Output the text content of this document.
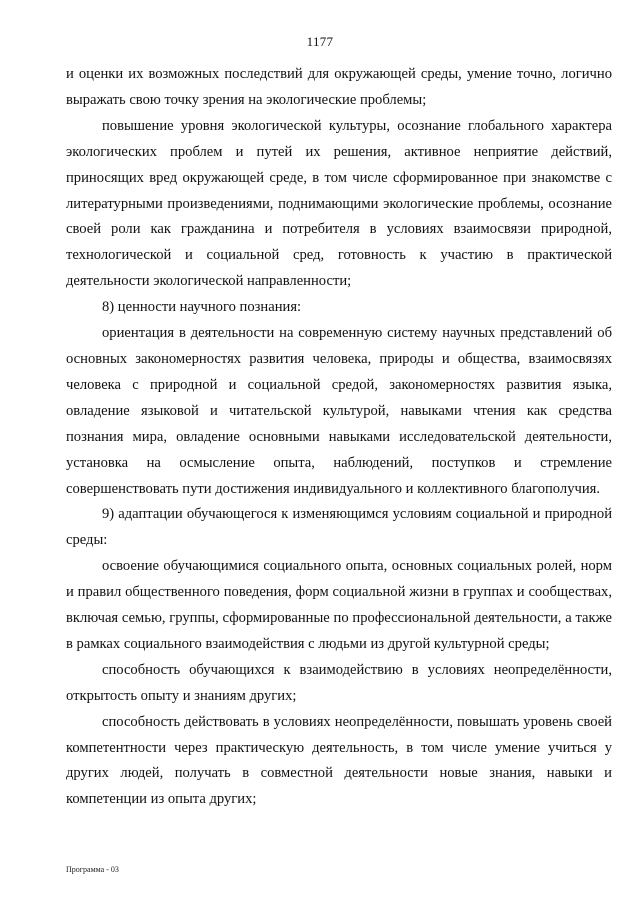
1177

и оценки их возможных последствий для окружающей среды, умение точно, логично выражать свою точку зрения на экологические проблемы;

повышение уровня экологической культуры, осознание глобального характера экологических проблем и путей их решения, активное неприятие действий, приносящих вред окружающей среде, в том числе сформированное при знакомстве с литературными произведениями, поднимающими экологические проблемы, осознание своей роли как гражданина и потребителя в условиях взаимосвязи природной, технологической и социальной сред, готовность к участию в практической деятельности экологической направленности;

8) ценности научного познания:

ориентация в деятельности на современную систему научных представлений об основных закономерностях развития человека, природы и общества, взаимосвязях человека с природной и социальной средой, закономерностях развития языка, овладение языковой и читательской культурой, навыками чтения как средства познания мира, овладение основными навыками исследовательской деятельности, установка на осмысление опыта, наблюдений, поступков и стремление совершенствовать пути достижения индивидуального и коллективного благополучия.

9) адаптации обучающегося к изменяющимся условиям социальной и природной среды:

освоение обучающимися социального опыта, основных социальных ролей, норм и правил общественного поведения, форм социальной жизни в группах и сообществах, включая семью, группы, сформированные по профессиональной деятельности, а также в рамках социального взаимодействия с людьми из другой культурной среды;

способность обучающихся к взаимодействию в условиях неопределённости, открытость опыту и знаниям других;

способность действовать в условиях неопределённости, повышать уровень своей компетентности через практическую деятельность, в том числе умение учиться у других людей, получать в совместной деятельности новые знания, навыки и компетенции из опыта других;

Программа - 03
